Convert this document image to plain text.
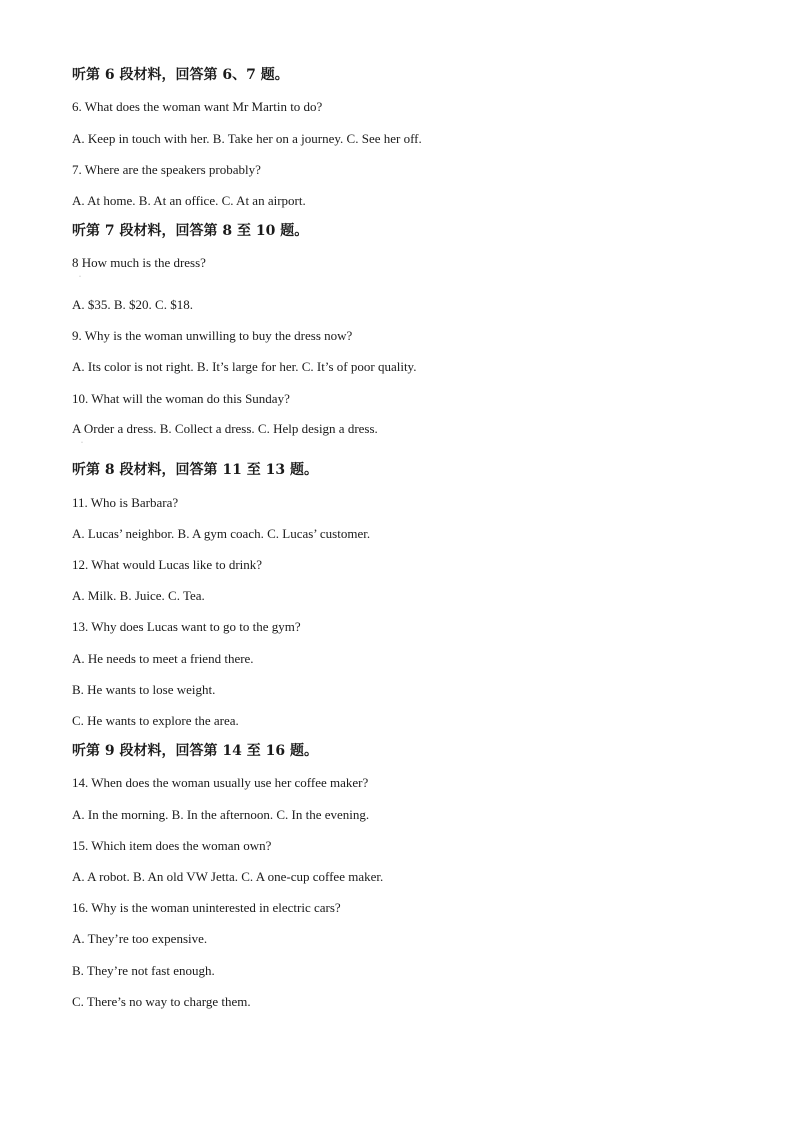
听第 6 段材料，回答第 6、7 题。
6. What does the woman want Mr Martin to do?
A. Keep in touch with her. B. Take her on a journey. C. See her off.
7. Where are the speakers probably?
A. At home. B. At an office. C. At an airport.
听第 7 段材料，回答第 8 至 10 题。
8 How much is the dress?
·
A. $35. B. $20. C. $18.
9. Why is the woman unwilling to buy the dress now?
A. Its color is not right. B. It’s large for her. C. It’s of poor quality.
10. What will the woman do this Sunday?
A Order a dress. B. Collect a dress. C. Help design a dress.
·
听第 8 段材料，回答第 11 至 13 题。
11. Who is Barbara?
A. Lucas’ neighbor. B. A gym coach. C. Lucas’ customer.
12. What would Lucas like to drink?
A. Milk. B. Juice. C. Tea.
13. Why does Lucas want to go to the gym?
A. He needs to meet a friend there.
B. He wants to lose weight.
C. He wants to explore the area.
听第 9 段材料，回答第 14 至 16 题。
14. When does the woman usually use her coffee maker?
A. In the morning. B. In the afternoon. C. In the evening.
15. Which item does the woman own?
A. A robot. B. An old VW Jetta. C. A one-cup coffee maker.
16. Why is the woman uninterested in electric cars?
A. They’re too expensive.
B. They’re not fast enough.
C. There’s no way to charge them.
